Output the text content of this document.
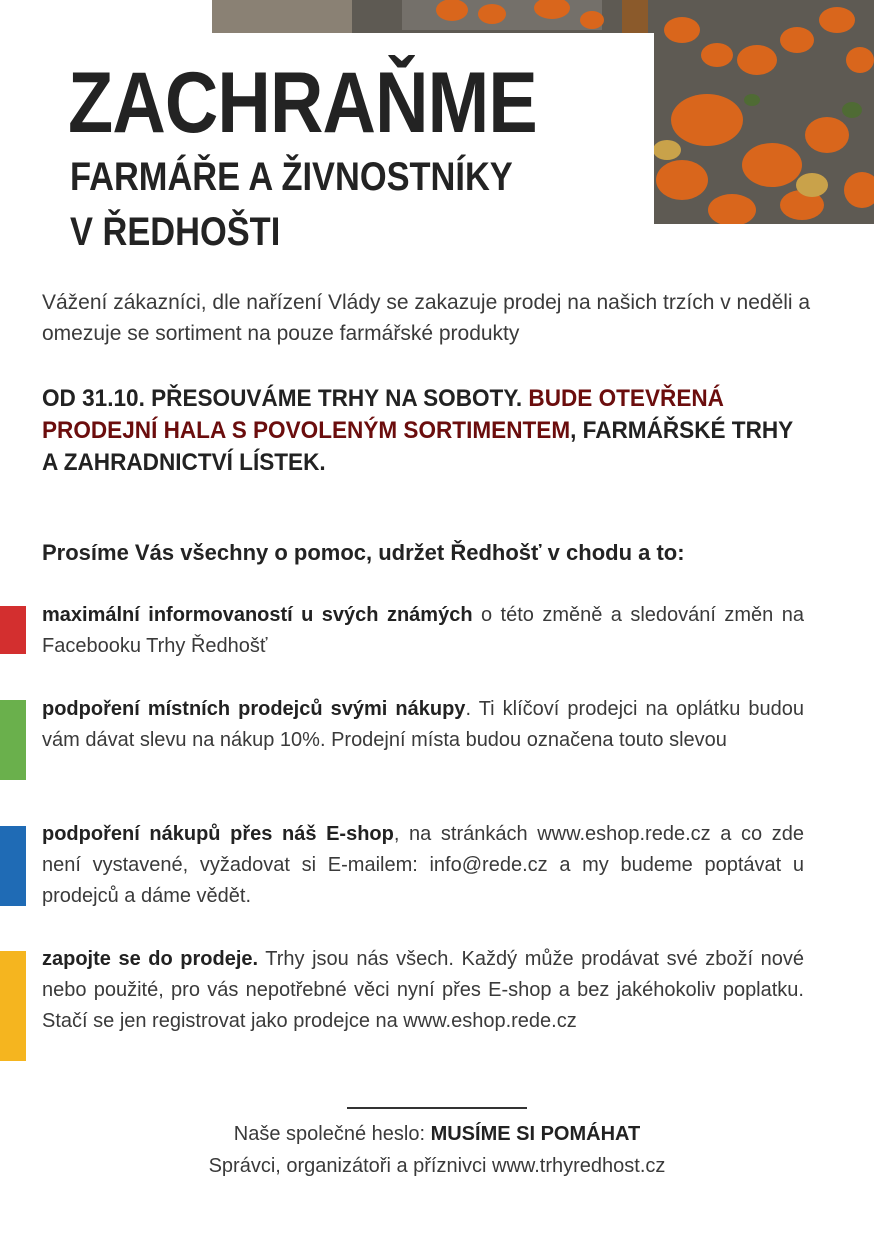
ZACHRAŇME
FARMÁŘE A ŽIVNOSTNÍKY
V ŘEDHOŠTI

Vážení zákazníci, dle nařízení Vlády se zakazuje prodej na našich trzích v neděli a omezuje se sortiment na pouze farmářské produkty

OD 31.10. PŘESOUVÁME TRHY NA SOBOTY. BUDE OTEVŘENÁ PRODEJNÍ HALA S POVOLENÝM SORTIMENTEM, FARMÁŘSKÉ TRHY A ZAHRADNICTVÍ LÍSTEK.

Prosíme Vás všechny o pomoc, udržet Ředhošť v chodu a to:

maximální informovaností u svých známých o této změně a sledování změn na Facebooku Trhy Ředhošť

podpoření místních prodejců svými nákupy. Ti klíčoví prodejci na oplátku budou vám dávat slevu na nákup 10%. Prodejní místa budou označena touto slevou

podpoření nákupů přes náš E-shop, na stránkách www.eshop.rede.cz a co zde není vystavené, vyžadovat si E-mailem: info@rede.cz a my budeme poptávat u prodejců a dáme vědět.

zapojte se do prodeje. Trhy jsou nás všech. Každý může prodávat své zboží nové nebo použité, pro vás nepotřebné věci nyní přes E-shop a bez jakéhokoliv poplatku. Stačí se jen registrovat jako prodejce na www.eshop.rede.cz

Naše společné heslo: MUSÍME SI POMÁHAT

Správci, organizátoři a příznivci www.trhyredhost.cz
